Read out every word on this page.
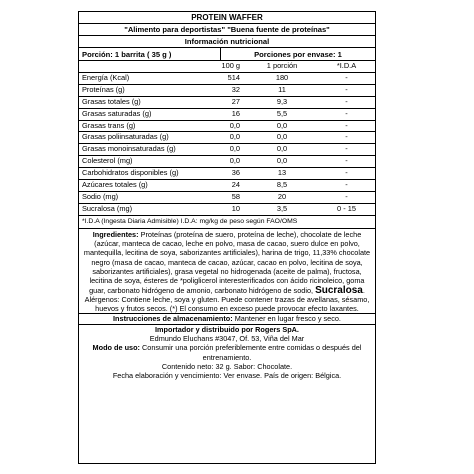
PROTEIN WAFFER
"Alimento para deportistas" "Buena fuente de proteínas"
Información nutricional
Porción: 1 barrita ( 35 g )	Porciones por envase: 1
	100 g	1 porción	*I.D.A
Energía (Kcal)	514	180	-
Proteínas (g)	32	11	-
Grasas totales (g)	27	9,3	-
Grasas saturadas (g)	16	5,5	-
Grasas trans (g)	0,0	0,0	-
Grasas poliinsaturadas (g)	0,0	0,0	-
Grasas monoinsaturadas (g)	0,0	0,0	-
Colesterol (mg)	0,0	0,0	-
Carbohidratos disponibles (g)	36	13	-
Azúcares totales (g)	24	8,5	-
Sodio (mg)	58	20	-
Sucralosa (mg)	10	3,5	0 - 15
*I.D.A (Ingesta Diaria Admisible) I.D.A: mg/kg de peso según FAO/OMS
Ingredientes: Proteínas (proteína de suero, proteína de leche), chocolate de leche (azúcar, manteca de cacao, leche en polvo, masa de cacao, suero dulce en polvo, mantequilla, lecitina de soya, saborizantes artificiales), harina de trigo, 11,33% chocolate negro (masa de cacao, manteca de cacao, azúcar, cacao en polvo, lecitina de soya, saborizantes artificiales), grasa vegetal no hidrogenada (aceite de palma), fructosa, lecitina de soya, ésteres de *poliglicerol interesterificados con ácido ricinoleico, goma guar, carbonato hidrógeno de amonio, carbonato hidrógeno de sodio, Sucralosa. Alérgenos: Contiene leche, soya y gluten. Puede contener trazas de avellanas, sésamo, huevos y frutos secos. (*) El consumo en exceso puede provocar efecto laxantes.
Instrucciones de almacenamiento: Mantener en lugar fresco y seco.
Importador y distribuido por Rogers SpA.
Edmundo Eluchans #3047, Of. 53, Viña del Mar
Modo de uso: Consumir una porción preferiblemente entre comidas o después del entrenamiento.
Contenido neto: 32 g. Sabor: Chocolate.
Fecha elaboración y vencimiento: Ver envase. País de origen: Bélgica.
